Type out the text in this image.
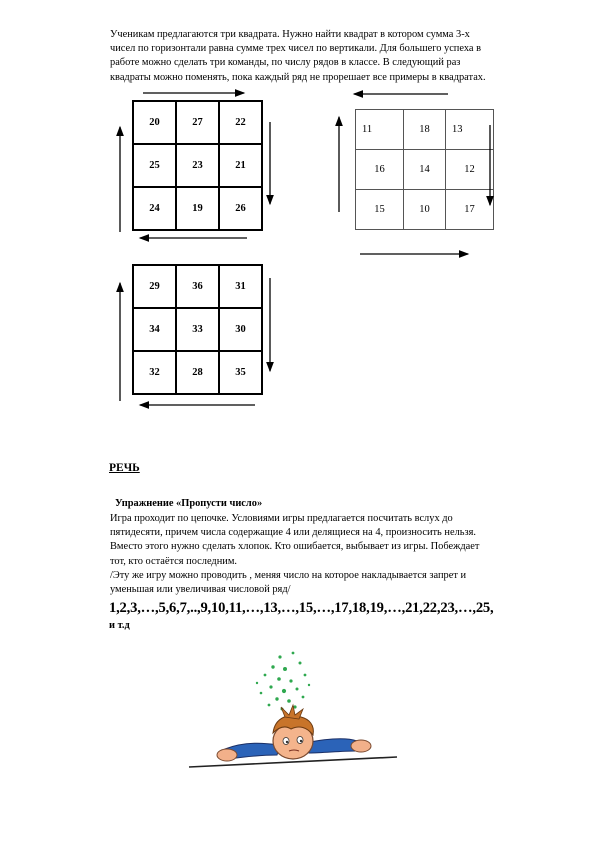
Ученикам предлагаются три квадрата. Нужно найти квадрат в котором сумма 3-х
чисел по горизонтали равна сумме трех чисел по вертикали. Для большего успеха в
работе можно сделать три команды, по числу рядов в классе. В следующий раз
квадраты можно поменять, пока каждый ряд не прорешает все примеры в квадратах.
20	27	22
25	23	21
24	19	26
11	18	13
16	14	12
15	10	17
29	36	31
34	33	30
32	28	35
РЕЧЬ
Упражнение «Пропусти число»
Игра проходит по цепочке. Условиями игры предлагается посчитать вслух до
пятидесяти, причем числа содержащие 4 или делящиеся на 4, произносить нельзя.
Вместо этого нужно сделать хлопок. Кто ошибается, выбывает из игры. Побеждает
тот, кто остаётся последним.
/Эту же игру можно проводить , меняя число на которое накладывается запрет и
уменьшая или увеличивая числовой ряд/
1,2,3,…,5,6,7,..,9,10,11,…,13,…,15,…,17,18,19,…,21,22,23,…,25,
и т.д
